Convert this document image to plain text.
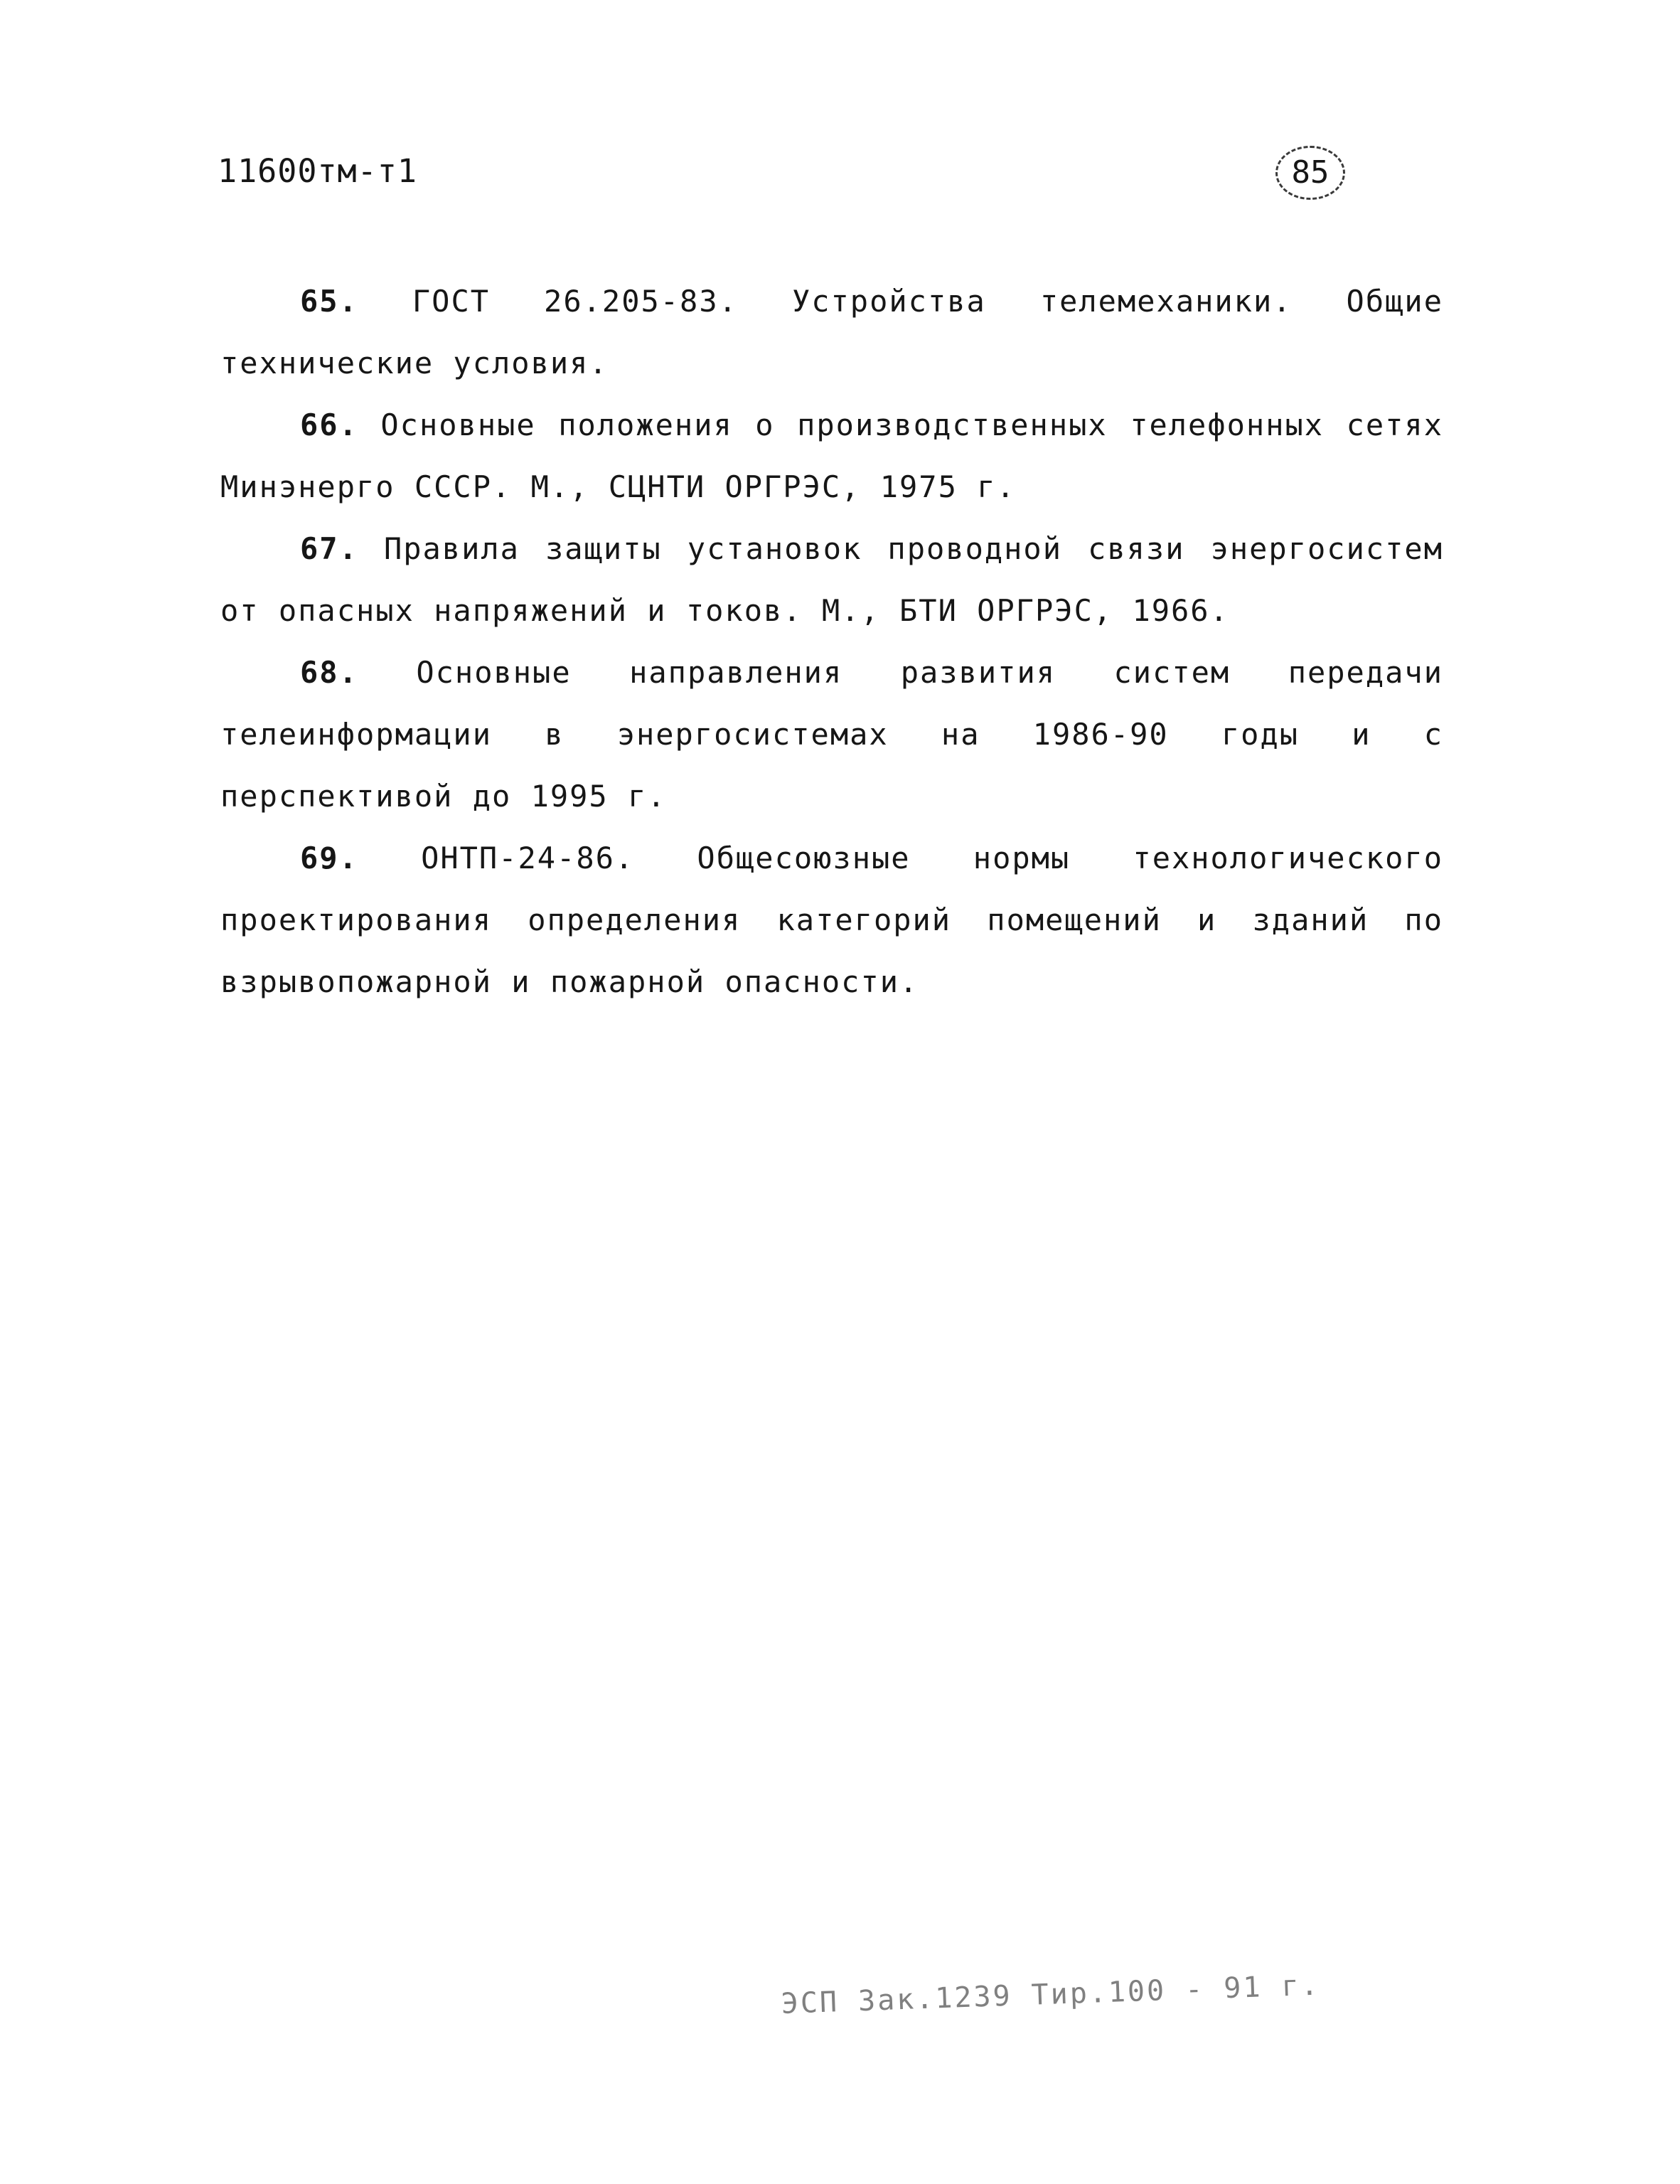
11600тм-т1	85

65. ГОСТ 26.205-83. Устройства телемеханики. Общие технические условия.

66. Основные положения о производственных телефонных сетях Минэнерго СССР. М., СЦНТИ ОРГРЭС, 1975 г.

67. Правила защиты установок проводной связи энергосистем от опасных напряжений и токов. М., БТИ ОРГРЭС, 1966.

68. Основные направления развития систем передачи телеинформации в энергосистемах на 1986-90 годы и с перспективой до 1995 г.

69. ОНТП-24-86. Общесоюзные нормы технологического проектирования определения категорий помещений и зданий по взрывопожарной и пожарной опасности.

ЭСП Зак.1239 Тир.100 - 91 г.
